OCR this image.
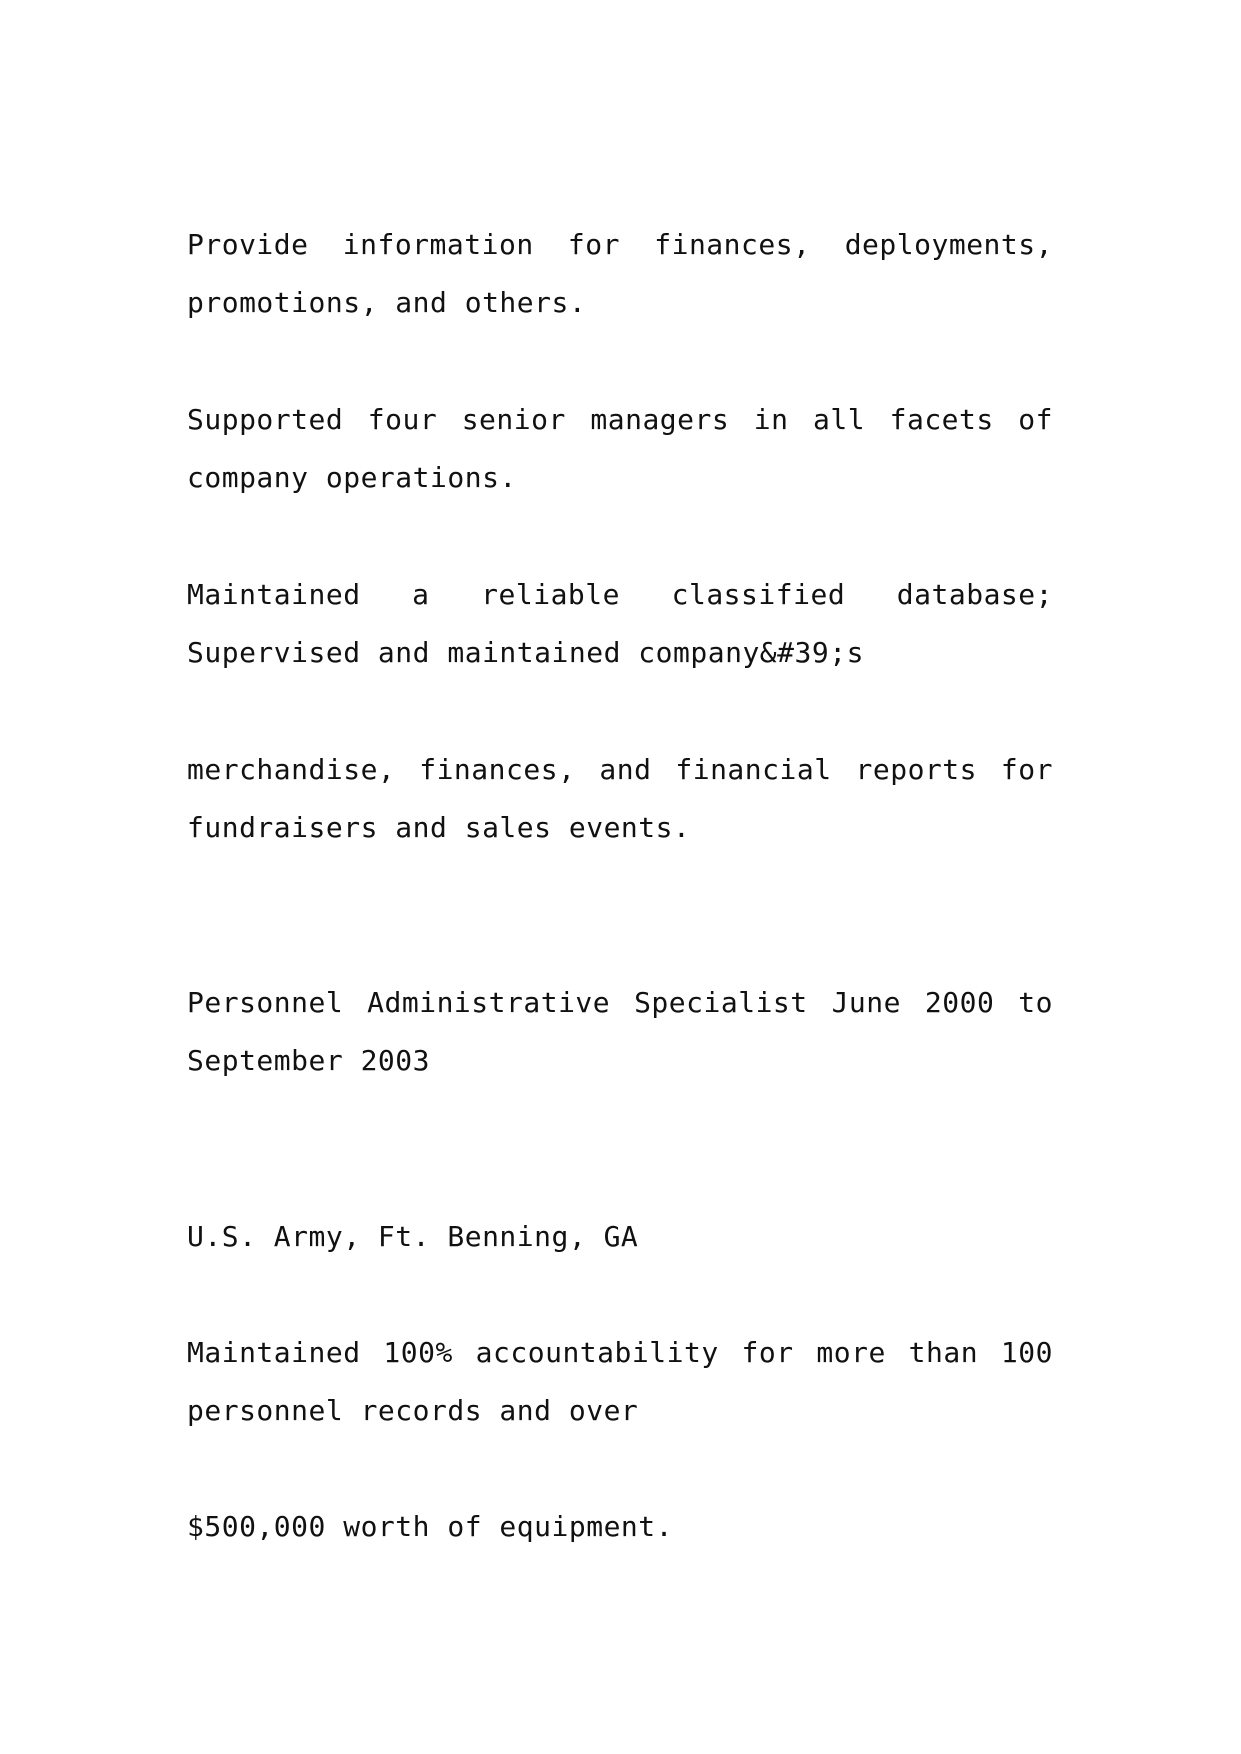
Provide information for finances, deployments, promotions, and others.

Supported four senior managers in all facets of company operations.

Maintained a reliable classified database; Supervised and maintained company&#39;s

merchandise, finances, and financial reports for fundraisers and sales events.

Personnel Administrative Specialist June 2000 to September 2003

U.S. Army, Ft. Benning, GA

Maintained 100% accountability for more than 100 personnel records and over

$500,000 worth of equipment.
